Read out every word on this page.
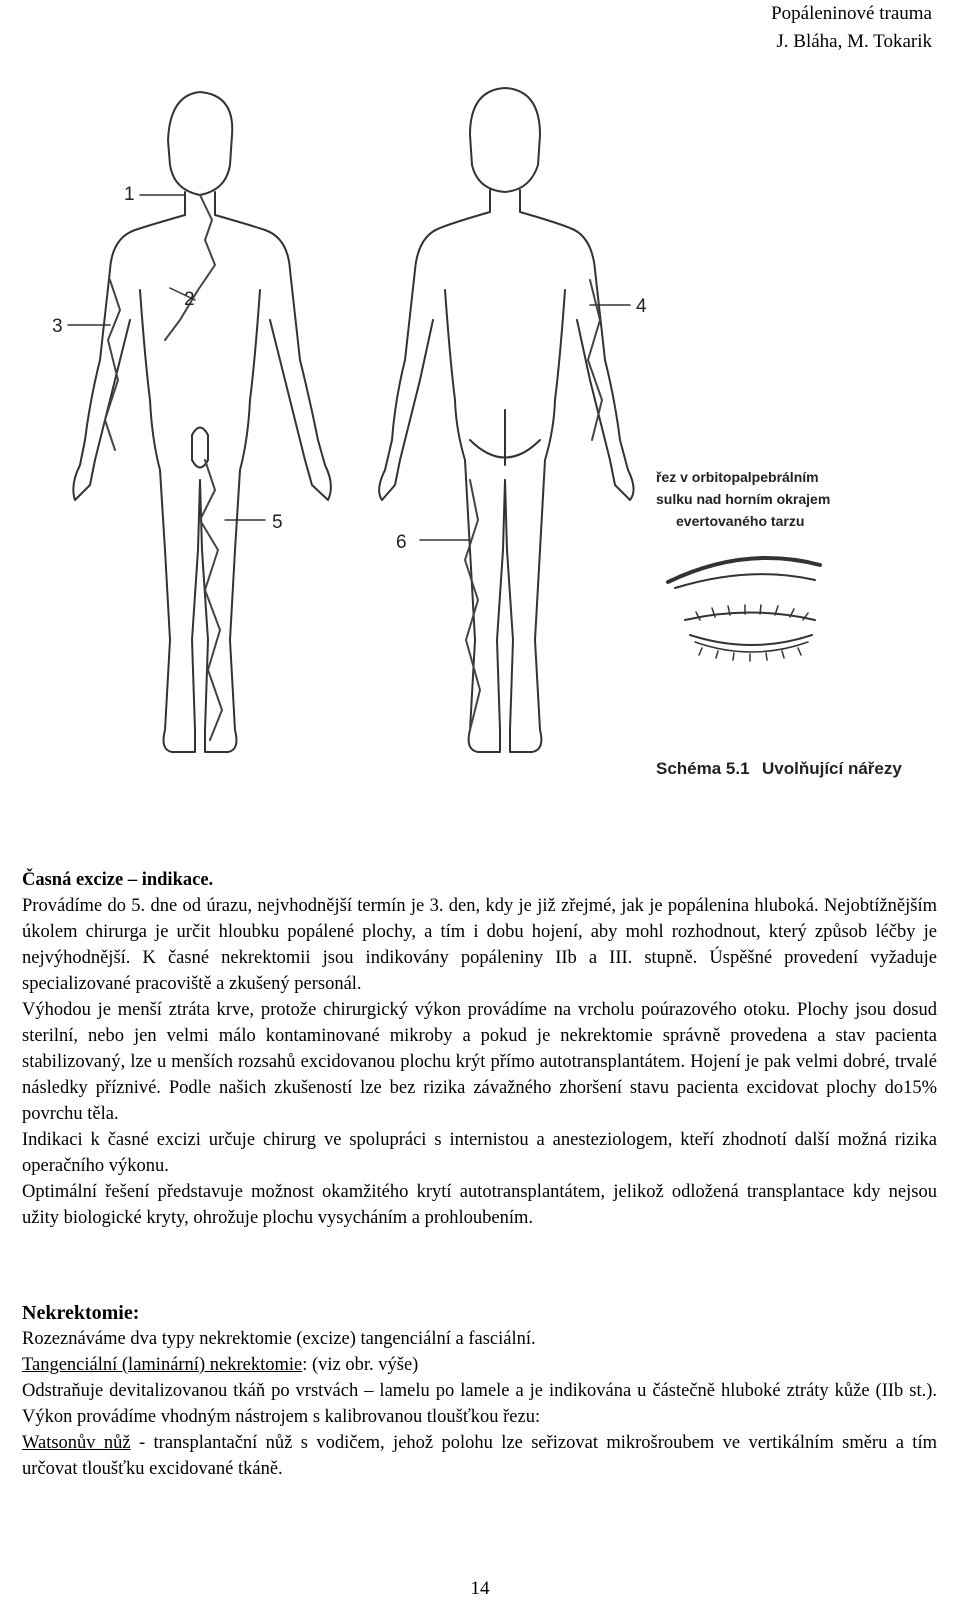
Popáleninové trauma
J. Bláha, M. Tokarik
1
2
3
4
5
6
řez v orbitopalpebrálním
sulku nad horním okrajem
evertovaného tarzu
Schéma 5.1 Uvolňující nářezy

Časná excize – indikace.

Provádíme do 5. dne od úrazu, nejvhodnější termín je 3. den, kdy je již zřejmé, jak je popálenina hluboká. Nejobtížnějším úkolem chirurga je určit hloubku popálené plochy, a tím i dobu hojení, aby mohl rozhodnout, který způsob léčby je nejvýhodnější. K časné nekrektomii jsou indikovány popáleniny IIb a III. stupně. Úspěšné provedení vyžaduje specializované pracoviště a zkušený personál.

Výhodou je menší ztráta krve, protože chirurgický výkon provádíme na vrcholu poúrazového otoku. Plochy jsou dosud sterilní, nebo jen velmi málo kontaminované mikroby a pokud je nekrektomie správně provedena a stav pacienta stabilizovaný, lze u menších rozsahů excidovanou plochu krýt přímo autotransplantátem. Hojení je pak velmi dobré, trvalé následky příznivé. Podle našich zkušeností lze bez rizika závažného zhoršení stavu pacienta excidovat plochy do15% povrchu těla.

Indikaci k časné excizi určuje chirurg ve spolupráci s internistou a anesteziologem, kteří zhodnotí další možná rizika operačního výkonu.

Optimální řešení představuje možnost okamžitého krytí autotransplantátem, jelikož odložená transplantace kdy nejsou užity biologické kryty, ohrožuje plochu vysycháním a prohloubením.

Nekrektomie:

Rozeznáváme dva typy nekrektomie (excize) tangenciální a fasciální.

Tangenciální (laminární) nekrektomie: (viz obr. výše)

Odstraňuje devitalizovanou tkáň po vrstvách – lamelu po lamele a je indikována u částečně hluboké ztráty kůže (IIb st.). Výkon provádíme vhodným nástrojem s kalibrovanou tloušťkou řezu:

Watsonův nůž - transplantační nůž s vodičem, jehož polohu lze seřizovat mikrošroubem ve vertikálním směru a tím určovat tloušťku excidované tkáně.

14
